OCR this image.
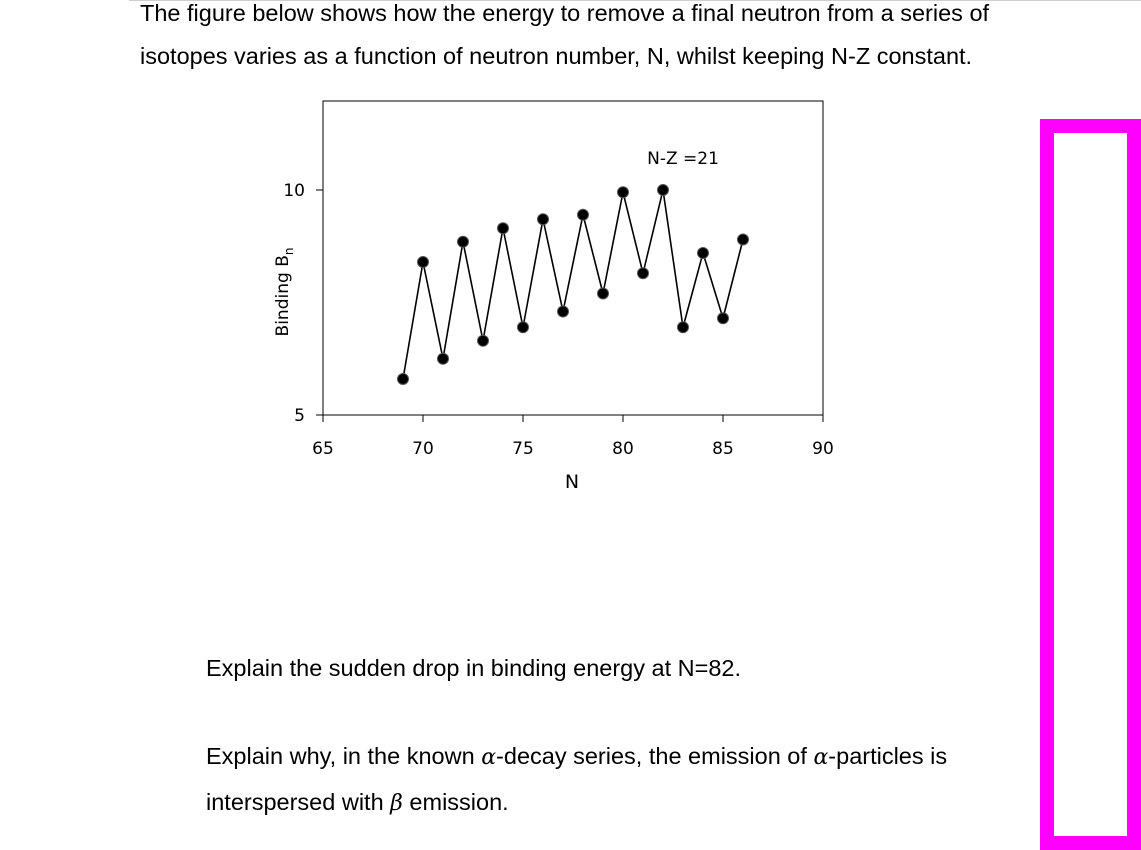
The figure below shows how the energy to remove a final neutron from a series of isotopes varies as a function of neutron number, N, whilst keeping N-Z constant.

65	70	75	80	85	90
5
10
N-Z =21
N
Binding $B_n$

Explain the sudden drop in binding energy at N=82.

Explain why, in the known α-decay series, the emission of α-particles is interspersed with β emission.
